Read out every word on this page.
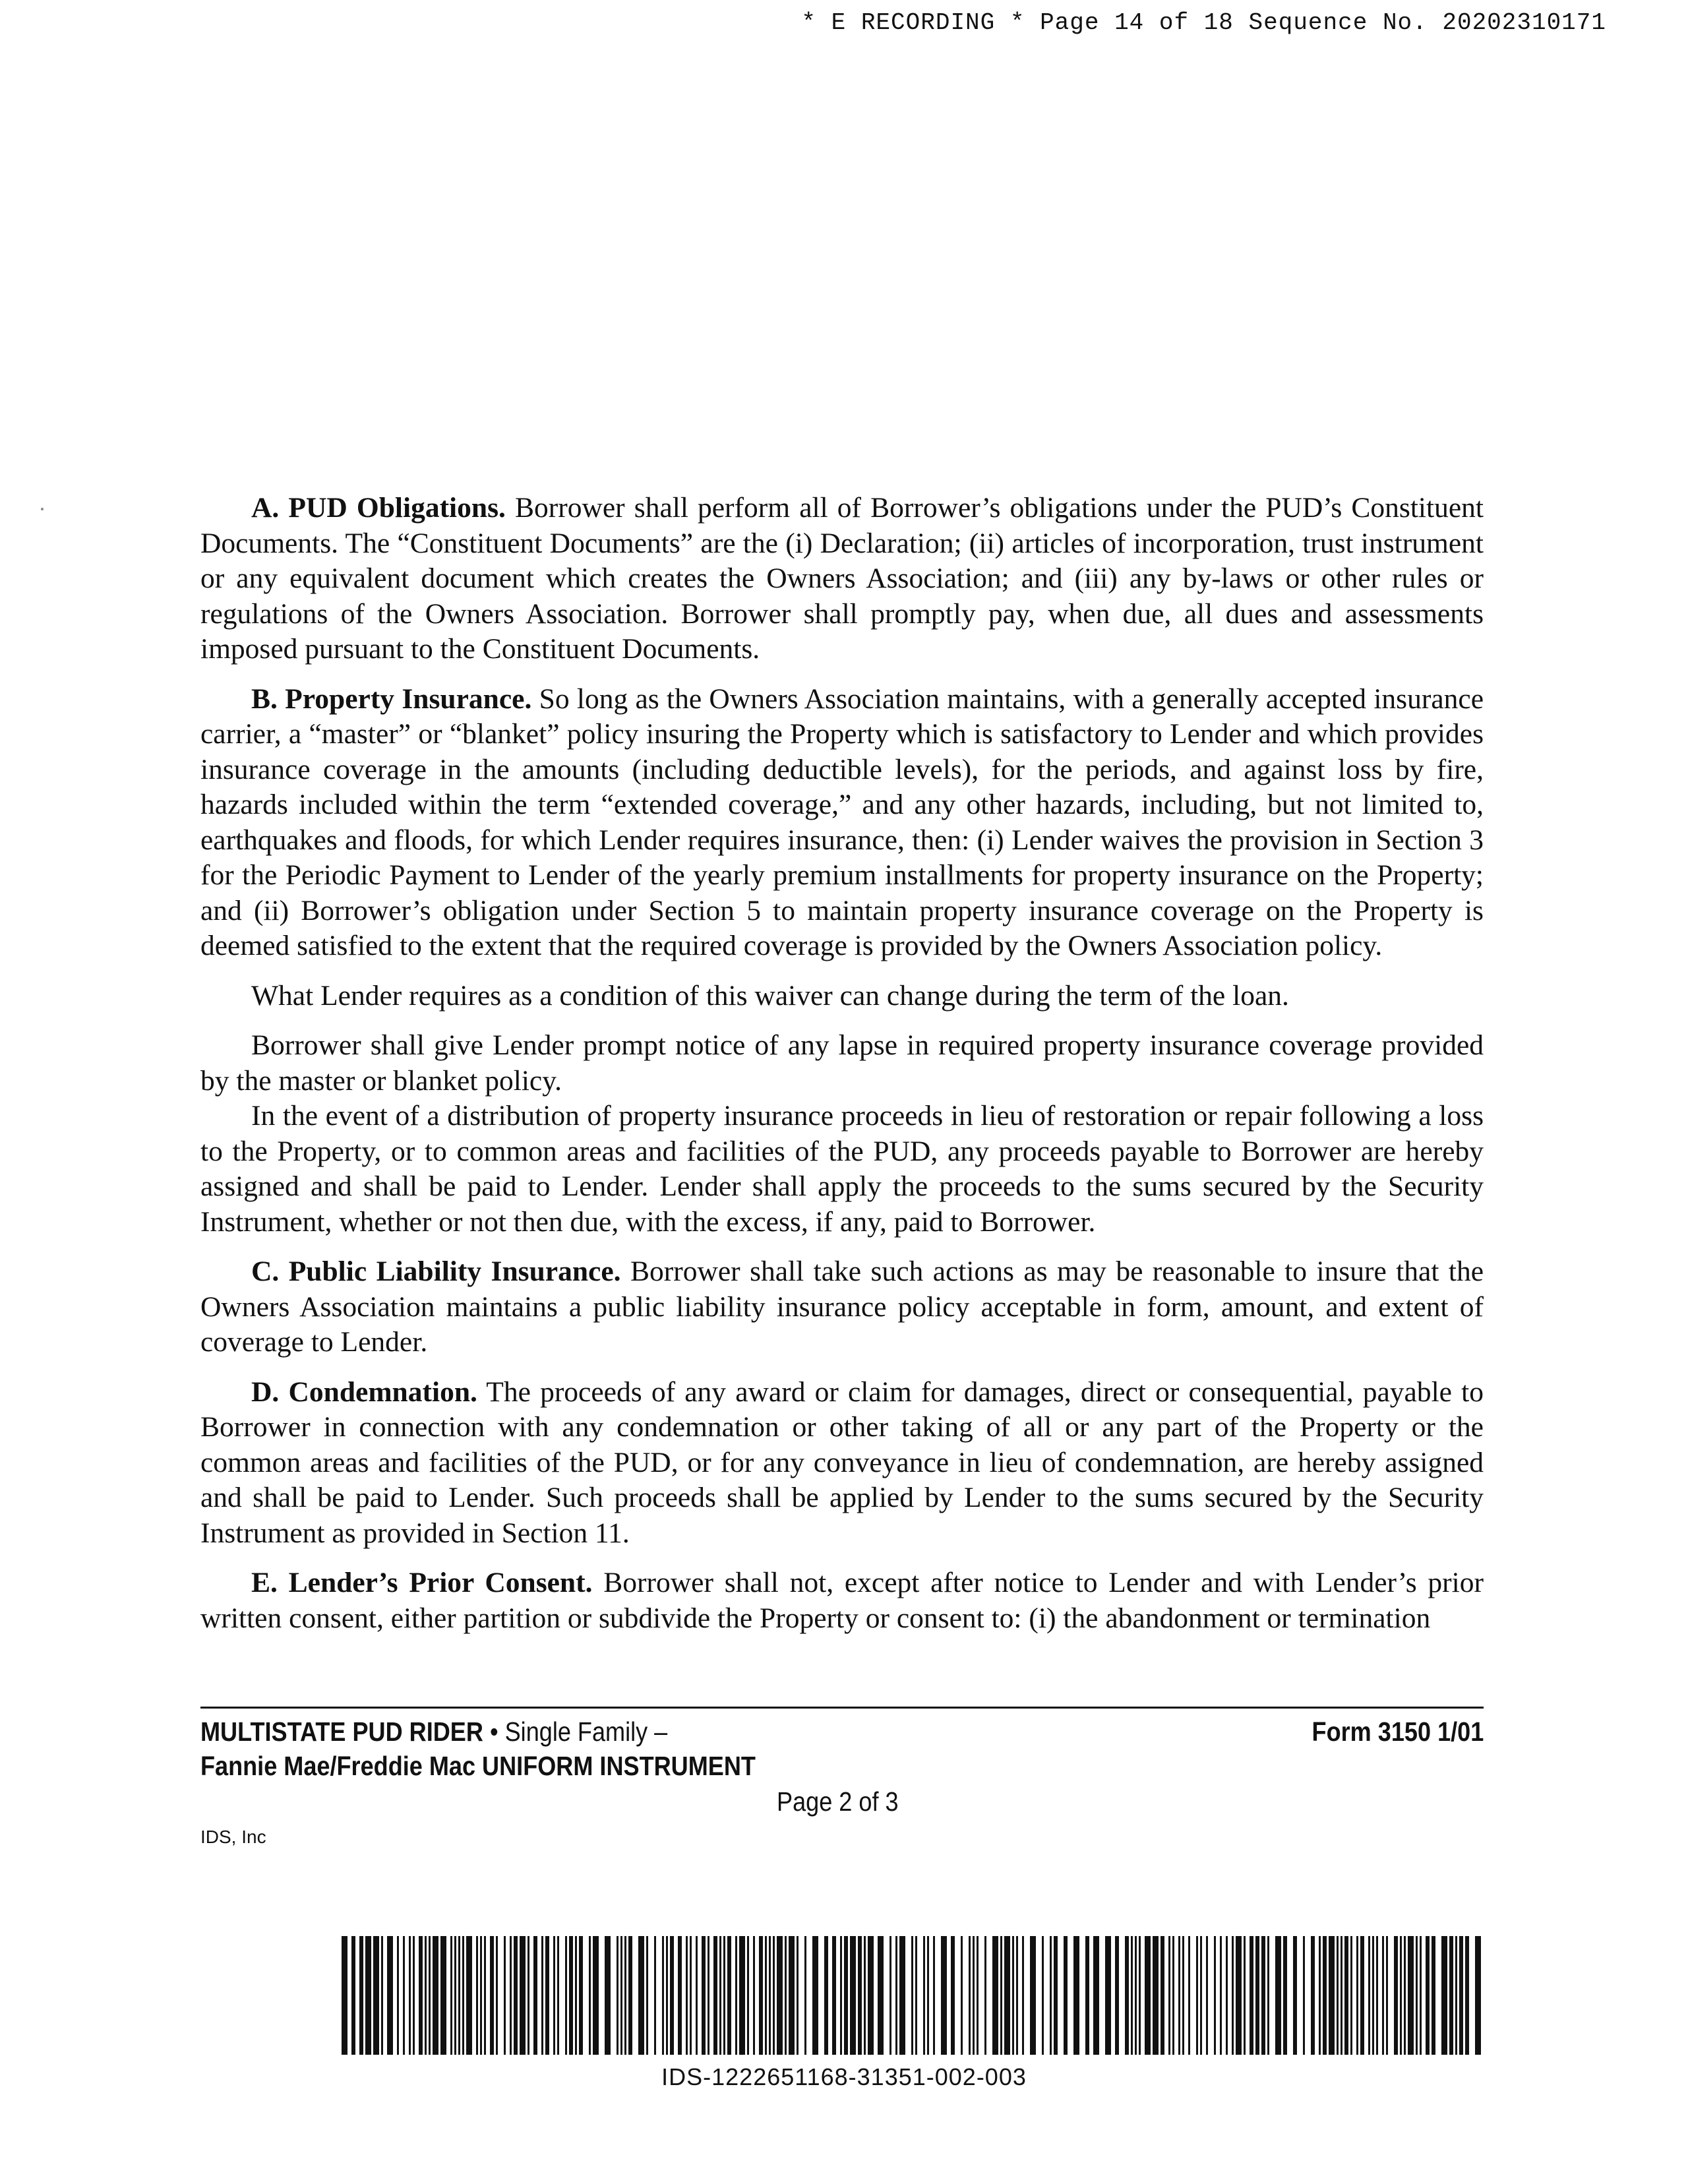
* E RECORDING * Page 14 of 18 Sequence No. 20202310171

A. PUD Obligations. Borrower shall perform all of Borrower’s obligations under the PUD’s Constituent Documents. The “Constituent Documents” are the (i) Declaration; (ii) articles of incorporation, trust instrument or any equivalent document which creates the Owners Association; and (iii) any by-laws or other rules or regulations of the Owners Association. Borrower shall promptly pay, when due, all dues and assessments imposed pursuant to the Constituent Documents.

B. Property Insurance. So long as the Owners Association maintains, with a generally accepted insurance carrier, a “master” or “blanket” policy insuring the Property which is satisfactory to Lender and which provides insurance coverage in the amounts (including deductible levels), for the periods, and against loss by fire, hazards included within the term “extended coverage,” and any other hazards, including, but not limited to, earthquakes and floods, for which Lender requires insurance, then: (i) Lender waives the provision in Section 3 for the Periodic Payment to Lender of the yearly premium installments for property insurance on the Property; and (ii) Borrower’s obligation under Section 5 to maintain property insurance coverage on the Property is deemed satisfied to the extent that the required coverage is provided by the Owners Association policy.

What Lender requires as a condition of this waiver can change during the term of the loan.

Borrower shall give Lender prompt notice of any lapse in required property insurance coverage provided by the master or blanket policy.

In the event of a distribution of property insurance proceeds in lieu of restoration or repair following a loss to the Property, or to common areas and facilities of the PUD, any proceeds payable to Borrower are hereby assigned and shall be paid to Lender. Lender shall apply the proceeds to the sums secured by the Security Instrument, whether or not then due, with the excess, if any, paid to Borrower.

C. Public Liability Insurance. Borrower shall take such actions as may be reasonable to insure that the Owners Association maintains a public liability insurance policy acceptable in form, amount, and extent of coverage to Lender.

D. Condemnation. The proceeds of any award or claim for damages, direct or consequential, payable to Borrower in connection with any condemnation or other taking of all or any part of the Property or the common areas and facilities of the PUD, or for any conveyance in lieu of condemnation, are hereby assigned and shall be paid to Lender. Such proceeds shall be applied by Lender to the sums secured by the Security Instrument as provided in Section 11.

E. Lender’s Prior Consent. Borrower shall not, except after notice to Lender and with Lender’s prior written consent, either partition or subdivide the Property or consent to: (i) the abandonment or termination

MULTISTATE PUD RIDER • Single Family –
Fannie Mae/Freddie Mac UNIFORM INSTRUMENT
Form 3150 1/01
Page 2 of 3
IDS, Inc
IDS-1222651168-31351-002-003
